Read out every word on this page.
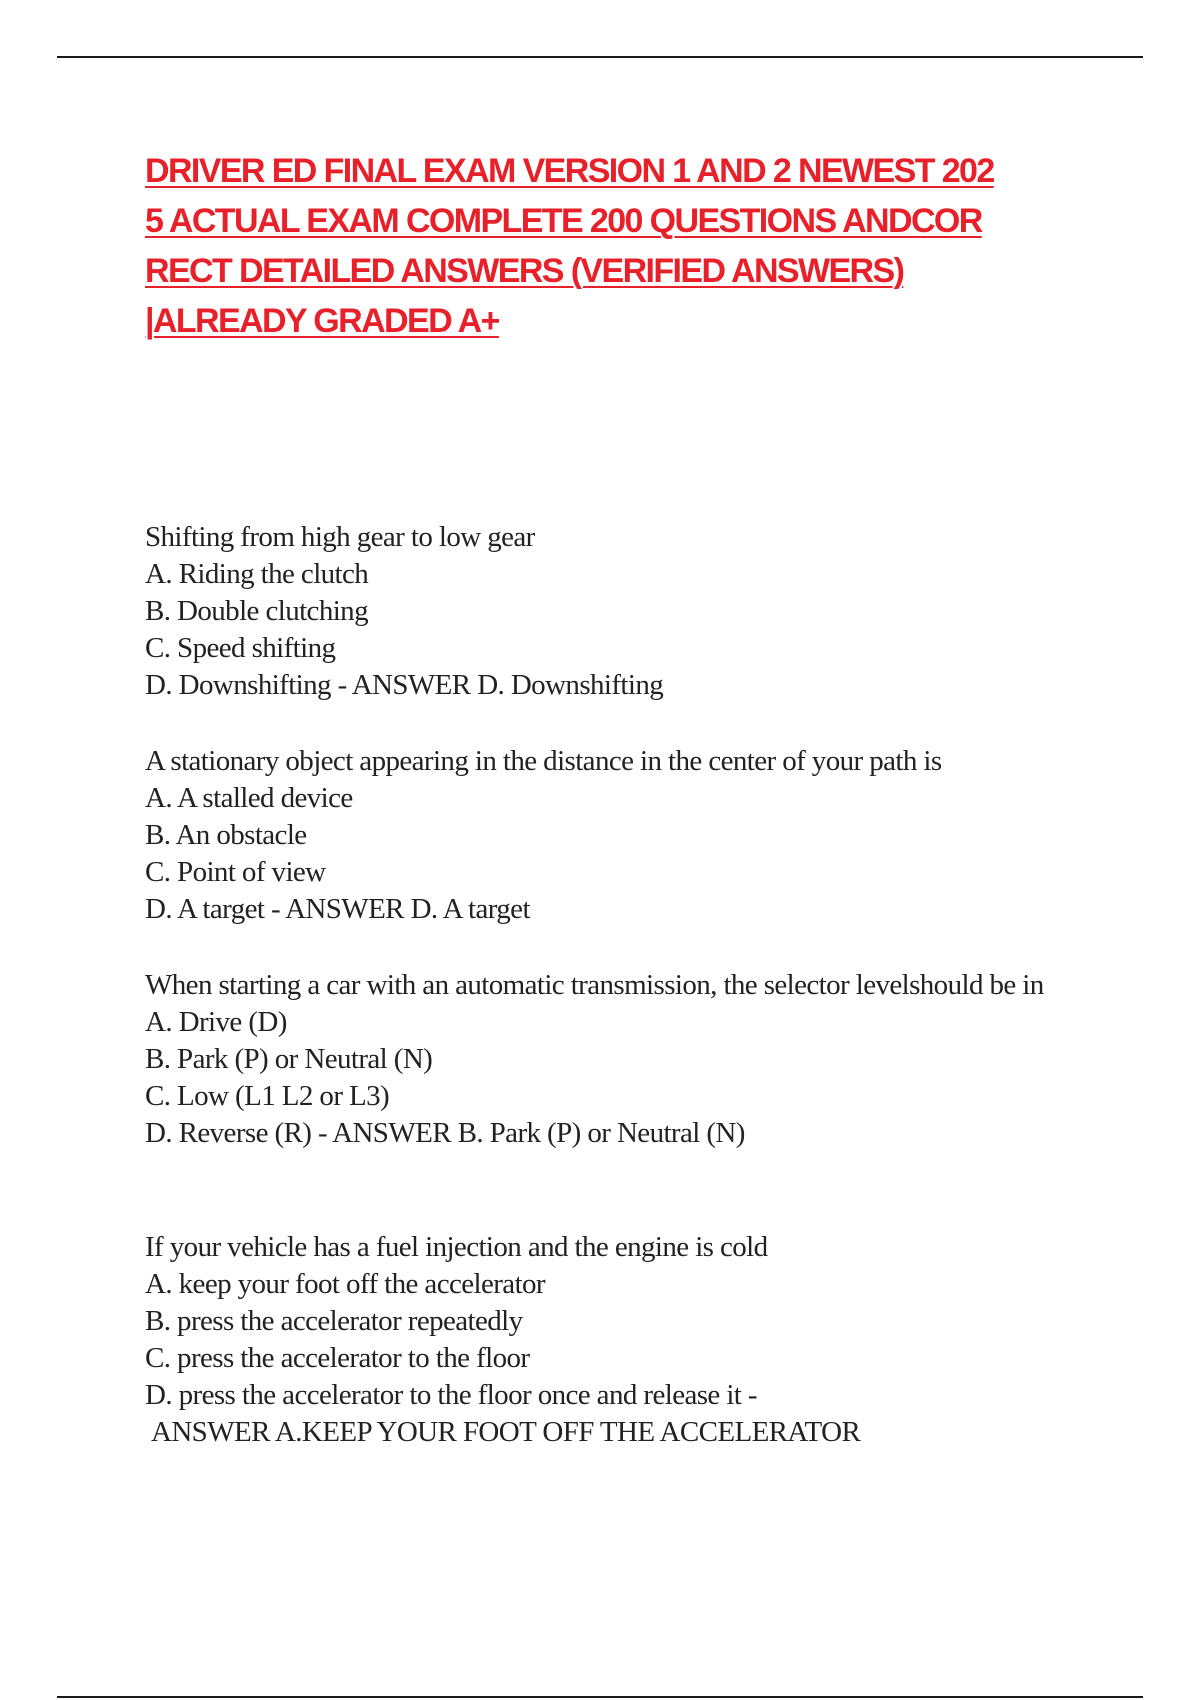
DRIVER ED FINAL EXAM VERSION 1 AND 2 NEWEST 202
5 ACTUAL EXAM COMPLETE 200 QUESTIONS ANDCOR
RECT DETAILED ANSWERS (VERIFIED ANSWERS)
|ALREADY GRADED A+

Shifting from high gear to low gear

A. Riding the clutch

B. Double clutching

C. Speed shifting

D. Downshifting - ANSWER D. Downshifting

A stationary object appearing in the distance in the center of your path is

A. A stalled device

B. An obstacle

C. Point of view

D. A target - ANSWER D. A target

When starting a car with an automatic transmission, the selector levelshould be in

A. Drive (D)

B. Park (P) or Neutral (N)

C. Low (L1 L2 or L3)

D. Reverse (R) - ANSWER B. Park (P) or Neutral (N)

If your vehicle has a fuel injection and the engine is cold

A. keep your foot off the accelerator

B. press the accelerator repeatedly

C. press the accelerator to the floor

D. press the accelerator to the floor once and release it -

ANSWER A.KEEP YOUR FOOT OFF THE ACCELERATOR
